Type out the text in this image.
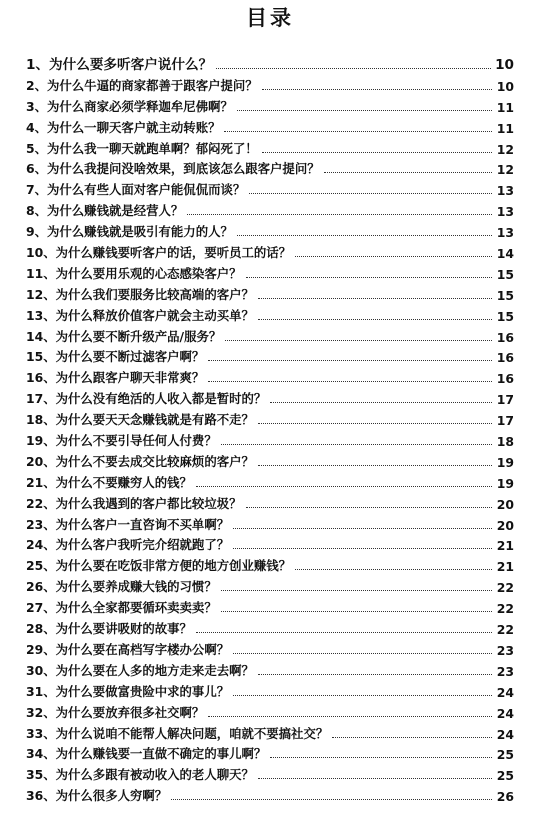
目录
1、为什么要多听客户说什么？	10
2、为什么牛逼的商家都善于跟客户提问？	10
3、为什么商家必须学释迦牟尼佛啊？	11
4、为什么一聊天客户就主动转账？	11
5、为什么我一聊天就跑单啊？郁闷死了！	12
6、为什么我提问没啥效果，到底该怎么跟客户提问？	12
7、为什么有些人面对客户能侃侃而谈？	13
8、为什么赚钱就是经营人？	13
9、为什么赚钱就是吸引有能力的人？	13
10、为什么赚钱要听客户的话，要听员工的话？	14
11、为什么要用乐观的心态感染客户？	15
12、为什么我们要服务比较高端的客户？	15
13、为什么释放价值客户就会主动买单？	15
14、为什么要不断升级产品/服务？	16
15、为什么要不断过滤客户啊？	16
16、为什么跟客户聊天非常爽？	16
17、为什么没有绝活的人收入都是暂时的？	17
18、为什么要天天念赚钱就是有路不走？	17
19、为什么不要引导任何人付费？	18
20、为什么不要去成交比较麻烦的客户？	19
21、为什么不要赚穷人的钱？	19
22、为什么我遇到的客户都比较垃圾？	20
23、为什么客户一直咨询不买单啊？	20
24、为什么客户我听完介绍就跑了？	21
25、为什么要在吃饭非常方便的地方创业赚钱？	21
26、为什么要养成赚大钱的习惯？	22
27、为什么全家都要循环卖卖卖？	22
28、为什么要讲吸财的故事？	22
29、为什么要在高档写字楼办公啊？	23
30、为什么要在人多的地方走来走去啊？	23
31、为什么要做富贵险中求的事儿？	24
32、为什么要放弃很多社交啊？	24
33、为什么说咱不能帮人解决问题，咱就不要搞社交？	24
34、为什么赚钱要一直做不确定的事儿啊？	25
35、为什么多跟有被动收入的老人聊天？	25
36、为什么很多人穷啊？	26
